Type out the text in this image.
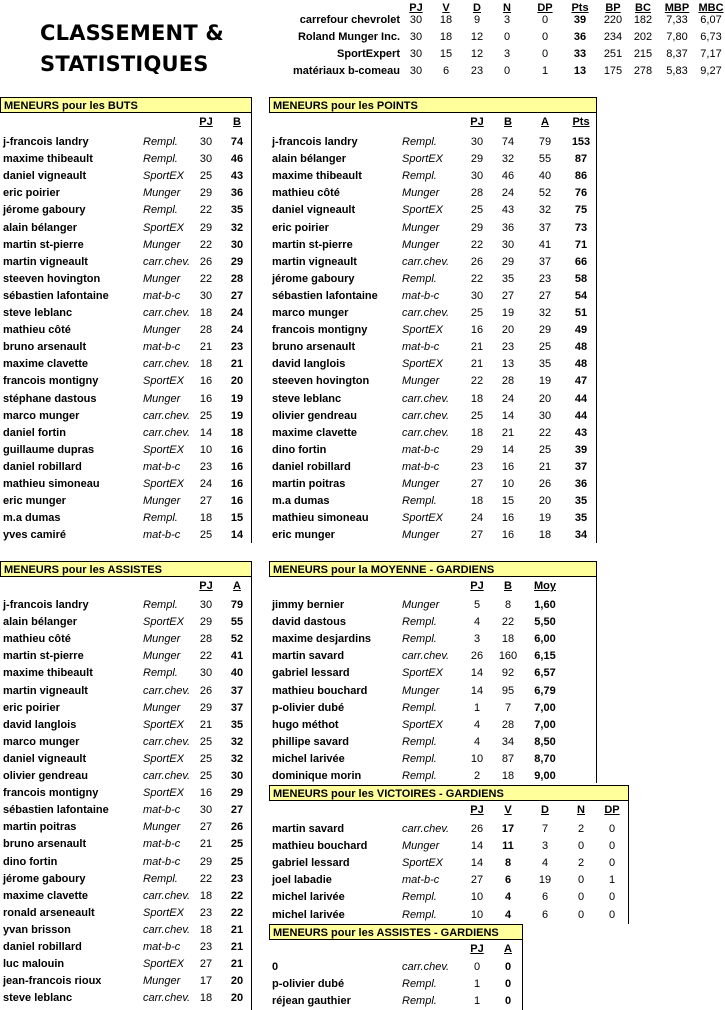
CLASSEMENT &
STATISTIQUES
PJ	V	D	N	DP	Pts	BP	BC	MBP MBC
carrefour chevrolet 30	18	9	3	0	39	220	182	7,33	6,07
Roland Munger Inc. 30	18	12	0	0	36	234	202	7,80	6,73
SportExpert 30	15	12	3	0	33	251	215	8,37	7,17
matériaux b-comeau 30	6	23	0	1	13	175	278	5,83	9,27
MENEURS pour les BUTS
PJ	B
j-francois landry	Rempl.	30	74
maxime thibeault	Rempl.	30	46
daniel vigneault	SportEX	25	43
eric poirier	Munger	29	36
jérome gaboury	Rempl.	22	35
alain bélanger	SportEX	29	32
martin st-pierre	Munger	22	30
martin vigneault	carr.chev. 26	29
steeven hovington	Munger	22	28
sébastien lafontaine	mat-b-c	30	27
steve leblanc	carr.chev. 18	24
mathieu côté	Munger	28	24
bruno arsenault	mat-b-c	21	23
maxime clavette	carr.chev. 18	21
francois montigny	SportEX	16	20
stéphane dastous	Munger	16	19
marco munger	carr.chev. 25	19
daniel fortin	carr.chev. 14	18
guillaume dupras	SportEX	10	16
daniel robillard	mat-b-c	23	16
mathieu simoneau	SportEX	24	16
eric munger	Munger	27	16
m.a dumas	Rempl.	18	15
yves camiré	mat-b-c	25	14
MENEURS pour les POINTS
PJ	B	A	Pts
j-francois landry	Rempl.	30	74	79	153
alain bélanger	SportEX	29	32	55	87
maxime thibeault	Rempl.	30	46	40	86
mathieu côté	Munger	28	24	52	76
daniel vigneault	SportEX	25	43	32	75
eric poirier	Munger	29	36	37	73
martin st-pierre	Munger	22	30	41	71
martin vigneault	carr.chev.	26	29	37	66
jérome gaboury	Rempl.	22	35	23	58
sébastien lafontaine mat-b-c	30	27	27	54
marco munger	carr.chev.	25	19	32	51
francois montigny	SportEX	16	20	29	49
bruno arsenault	mat-b-c	21	23	25	48
david langlois	SportEX	21	13	35	48
steeven hovington	Munger	22	28	19	47
steve leblanc	carr.chev.	18	24	20	44
olivier gendreau	carr.chev.	25	14	30	44
maxime clavette	carr.chev.	18	21	22	43
dino fortin	mat-b-c	29	14	25	39
daniel robillard	mat-b-c	23	16	21	37
martin poitras	Munger	27	10	26	36
m.a dumas	Rempl.	18	15	20	35
mathieu simoneau	SportEX	24	16	19	35
eric munger	Munger	27	16	18	34
MENEURS pour les ASSISTES
PJ	A
j-francois landry	Rempl.	30	79
alain bélanger	SportEX	29	55
mathieu côté	Munger	28	52
martin st-pierre	Munger	22	41
maxime thibeault	Rempl.	30	40
martin vigneault	carr.chev. 26	37
eric poirier	Munger	29	37
david langlois	SportEX	21	35
marco munger	carr.chev. 25	32
daniel vigneault	SportEX	25	32
olivier gendreau	carr.chev. 25	30
francois montigny	SportEX	16	29
sébastien lafontaine	mat-b-c	30	27
martin poitras	Munger	27	26
bruno arsenault	mat-b-c	21	25
dino fortin	mat-b-c	29	25
jérome gaboury	Rempl.	22	23
maxime clavette	carr.chev. 18	22
ronald arseneault	SportEX	23	22
yvan brisson	carr.chev. 18	21
daniel robillard	mat-b-c	23	21
luc malouin	SportEX	27	21
jean-francois rioux	Munger	17	20
steve leblanc	carr.chev. 18	20
MENEURS pour la MOYENNE - GARDIENS
PJ	B	Moy
jimmy bernier	Munger	5	8	1,60
david dastous	Rempl.	4	22	5,50
maxime desjardins	Rempl.	3	18	6,00
martin savard	carr.chev.	26	160	6,15
gabriel lessard	SportEX	14	92	6,57
mathieu bouchard	Munger	14	95	6,79
p-olivier dubé	Rempl.	1	7	7,00
hugo méthot	SportEX	4	28	7,00
phillipe savard	Rempl.	4	34	8,50
michel larivée	Rempl.	10	87	8,70
dominique morin	Rempl.	2	18	9,00
MENEURS pour les VICTOIRES - GARDIENS
PJ	V	D	N	DP
martin savard	carr.chev.	26	17	7	2	0
mathieu bouchard	Munger	14	11	3	0	0
gabriel lessard	SportEX	14	8	4	2	0
joel labadie	mat-b-c	27	6	19	0	1
michel larivée	Rempl.	10	4	6	0	0
michel larivée	Rempl.	10	4	6	0	0
MENEURS pour les ASSISTES - GARDIENS
PJ	A
0	carr.chev.	0	0
p-olivier dubé	Rempl.	1	0
réjean gauthier	Rempl.	1	0
